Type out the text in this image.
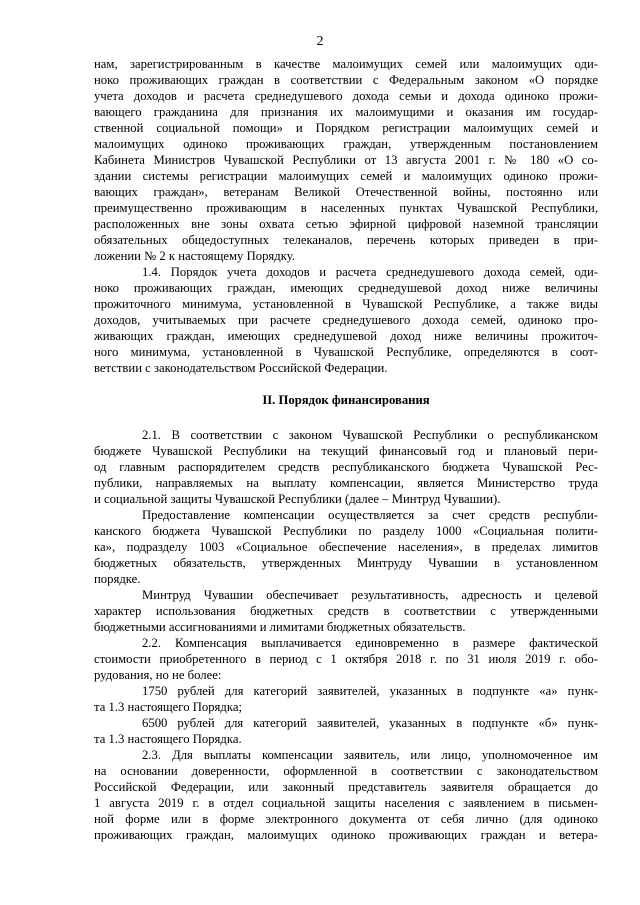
2

нам, зарегистрированным в качестве малоимущих семей или малоимущих оди-

ноко проживающих граждан в соответствии с Федеральным законом «О порядке

учета доходов и расчета среднедушевого дохода семьи и дохода одиноко прожи-

вающего гражданина для признания их малоимущими и оказания им государ-

ственной социальной помощи» и Порядком регистрации малоимущих семей и

малоимущих одиноко проживающих граждан, утвержденным постановлением

Кабинета Министров Чувашской Республики от 13 августа 2001 г. № 180 «О со-

здании системы регистрации малоимущих семей и малоимущих одиноко прожи-

вающих граждан», ветеранам Великой Отечественной войны, постоянно или

преимущественно проживающим в населенных пунктах Чувашской Республики,

расположенных вне зоны охвата сетью эфирной цифровой наземной трансляции

обязательных общедоступных телеканалов, перечень которых приведен в при-

ложении № 2 к настоящему Порядку.

1.4. Порядок учета доходов и расчета среднедушевого дохода семей, оди-

ноко проживающих граждан, имеющих среднедушевой доход ниже величины

прожиточного минимума, установленной в Чувашской Республике, а также виды

доходов, учитываемых при расчете среднедушевого дохода семей, одиноко про-

живающих граждан, имеющих среднедушевой доход ниже величины прожиточ-

ного минимума, установленной в Чувашской Республике, определяются в соот-

ветствии с законодательством Российской Федерации.

II. Порядок финансирования

2.1. В соответствии с законом Чувашской Республики о республиканском

бюджете Чувашской Республики на текущий финансовый год и плановый пери-

од главным распорядителем средств республиканского бюджета Чувашской Рес-

публики, направляемых на выплату компенсации, является Министерство труда

и социальной защиты Чувашской Республики (далее – Минтруд Чувашии).

Предоставление компенсации осуществляется за счет средств республи-

канского бюджета Чувашской Республики по разделу 1000 «Социальная полити-

ка», подразделу 1003 «Социальное обеспечение населения», в пределах лимитов

бюджетных обязательств, утвержденных Минтруду Чувашии в установленном

порядке.

Минтруд Чувашии обеспечивает результативность, адресность и целевой

характер использования бюджетных средств в соответствии с утвержденными

бюджетными ассигнованиями и лимитами бюджетных обязательств.

2.2. Компенсация выплачивается единовременно в размере фактической

стоимости приобретенного в период с 1 октября 2018 г. по 31 июля 2019 г. обо-

рудования, но не более:

1750 рублей для категорий заявителей, указанных в подпункте «а» пунк-

та 1.3 настоящего Порядка;

6500 рублей для категорий заявителей, указанных в подпункте «б» пунк-

та 1.3 настоящего Порядка.

2.3. Для выплаты компенсации заявитель, или лицо, уполномоченное им

на основании доверенности, оформленной в соответствии с законодательством

Российской Федерации, или законный представитель заявителя обращается до

1 августа 2019 г. в отдел социальной защиты населения с заявлением в письмен-

ной форме или в форме электронного документа от себя лично (для одиноко

проживающих граждан, малоимущих одиноко проживающих граждан и ветера-
